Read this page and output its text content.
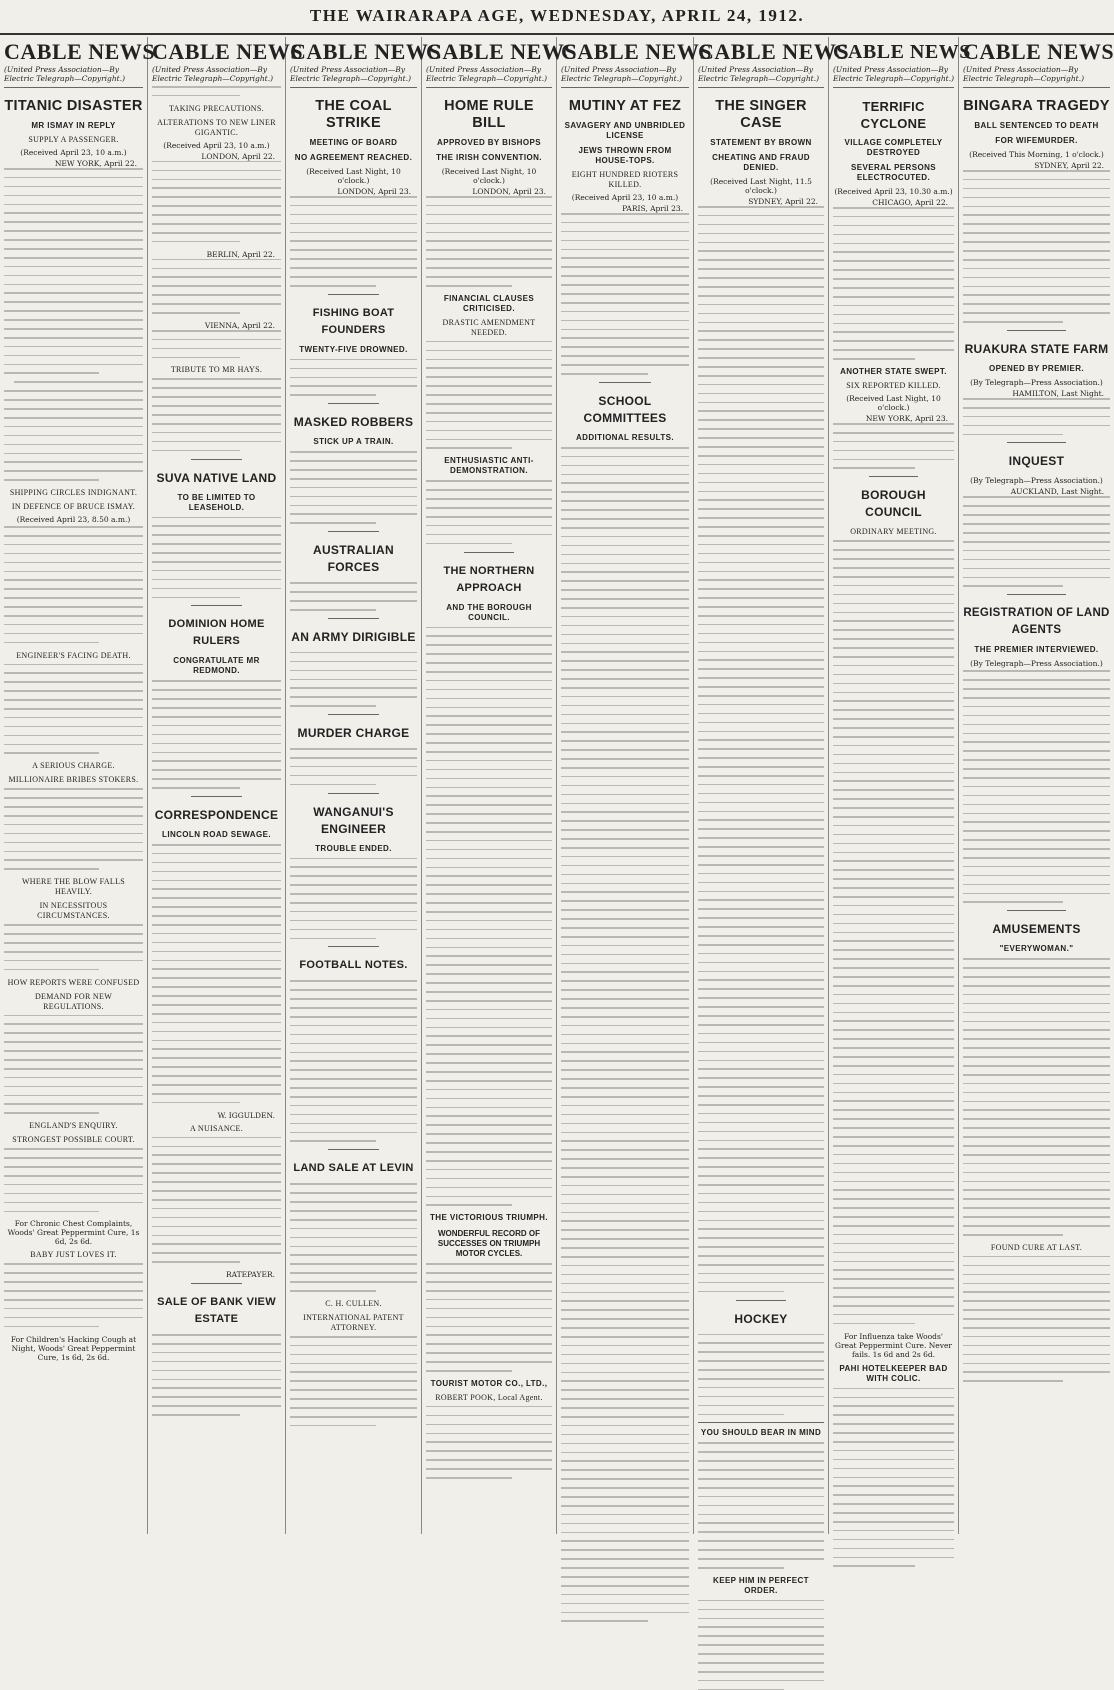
THE WAIRARAPA AGE, WEDNESDAY, APRIL 24, 1912.
CABLE NEWS
(United Press Association—By Electric Telegraph—Copyright.)
TITANIC DISASTER
MR ISMAY IN REPLY
SUPPLY A PASSENGER.
(Received April 23, 10 a.m.)
NEW YORK, April 22.
SHIPPING CIRCLES INDIGNANT.
IN DEFENCE OF BRUCE ISMAY.
(Received April 23, 8.50 a.m.)
ENGINEER'S FACING DEATH.
A SERIOUS CHARGE.
MILLIONAIRE BRIBES STOKERS.
WHERE THE BLOW FALLS HEAVILY.
IN NECESSITOUS CIRCUMSTANCES.
HOW REPORTS WERE CONFUSED
DEMAND FOR NEW REGULATIONS.
ENGLAND'S ENQUIRY.
STRONGEST POSSIBLE COURT.
For Chronic Chest Complaints, Woods' Great Peppermint Cure, 1s 6d, 2s 6d.
BABY JUST LOVES IT.
For Children's Hacking Cough at Night, Woods' Great Peppermint Cure, 1s 6d, 2s 6d.
CABLE NEWS
(United Press Association—By Electric Telegraph—Copyright.)
TAKING PRECAUTIONS.
ALTERATIONS TO NEW LINER GIGANTIC.
(Received April 23, 10 a.m.)
LONDON, April 22.
BERLIN, April 22.
VIENNA, April 22.
TRIBUTE TO MR HAYS.
SUVA NATIVE LAND
TO BE LIMITED TO LEASEHOLD.
DOMINION HOME RULERS
CONGRATULATE MR REDMOND.
CORRESPONDENCE
LINCOLN ROAD SEWAGE.
W. IGGULDEN.
A NUISANCE.
RATEPAYER.
SALE OF BANK VIEW ESTATE
CABLE NEWS
(United Press Association—By Electric Telegraph—Copyright.)
THE COAL STRIKE
MEETING OF BOARD
NO AGREEMENT REACHED.
(Received Last Night, 10 o'clock.)
LONDON, April 23.
FISHING BOAT FOUNDERS
TWENTY-FIVE DROWNED.
MASKED ROBBERS
STICK UP A TRAIN.
AUSTRALIAN FORCES
AN ARMY DIRIGIBLE
MURDER CHARGE
WANGANUI'S ENGINEER
TROUBLE ENDED.
FOOTBALL NOTES.
LAND SALE AT LEVIN
C. H. CULLEN.
INTERNATIONAL PATENT ATTORNEY.
CABLE NEWS
(United Press Association—By Electric Telegraph—Copyright.)
HOME RULE BILL
APPROVED BY BISHOPS
THE IRISH CONVENTION.
(Received Last Night, 10 o'clock.)
LONDON, April 23.
FINANCIAL CLAUSES CRITICISED.
DRASTIC AMENDMENT NEEDED.
ENTHUSIASTIC ANTI-DEMONSTRATION.
THE NORTHERN APPROACH
AND THE BOROUGH COUNCIL.
THE VICTORIOUS TRIUMPH.
WONDERFUL RECORD OF SUCCESSES ON TRIUMPH MOTOR CYCLES.
TOURIST MOTOR CO., LTD.,
ROBERT POOK, Local Agent.
CABLE NEWS
(United Press Association—By Electric Telegraph—Copyright.)
MUTINY AT FEZ
SAVAGERY AND UNBRIDLED LICENSE
JEWS THROWN FROM HOUSE-TOPS.
EIGHT HUNDRED RIOTERS KILLED.
(Received April 23, 10 a.m.)
PARIS, April 23.
SCHOOL COMMITTEES
ADDITIONAL RESULTS.
CABLE NEWS
(United Press Association—By Electric Telegraph—Copyright.)
THE SINGER CASE
STATEMENT BY BROWN
CHEATING AND FRAUD DENIED.
(Received Last Night, 11.5 o'clock.)
SYDNEY, April 22.
HOCKEY
YOU SHOULD BEAR IN MIND
KEEP HIM IN PERFECT ORDER.
CABLE NEWS
(United Press Association—By Electric Telegraph—Copyright.)
TERRIFIC CYCLONE
VILLAGE COMPLETELY DESTROYED
SEVERAL PERSONS ELECTROCUTED.
(Received April 23, 10.30 a.m.)
CHICAGO, April 22.
ANOTHER STATE SWEPT.
SIX REPORTED KILLED.
(Received Last Night, 10 o'clock.)
NEW YORK, April 23.
BOROUGH COUNCIL
ORDINARY MEETING.
For Influenza take Woods' Great Peppermint Cure. Never fails. 1s 6d and 2s 6d.
PAHI HOTELKEEPER BAD WITH COLIC.
CABLE NEWS
(United Press Association—By Electric Telegraph—Copyright.)
BINGARA TRAGEDY
BALL SENTENCED TO DEATH
FOR WIFEMURDER.
(Received This Morning, 1 o'clock.)
SYDNEY, April 22.
RUAKURA STATE FARM
OPENED BY PREMIER.
(By Telegraph—Press Association.)
HAMILTON, Last Night.
INQUEST
(By Telegraph—Press Association.)
AUCKLAND, Last Night.
REGISTRATION OF LAND AGENTS
THE PREMIER INTERVIEWED.
(By Telegraph—Press Association.)
AMUSEMENTS
"EVERYWOMAN."
FOUND CURE AT LAST.
